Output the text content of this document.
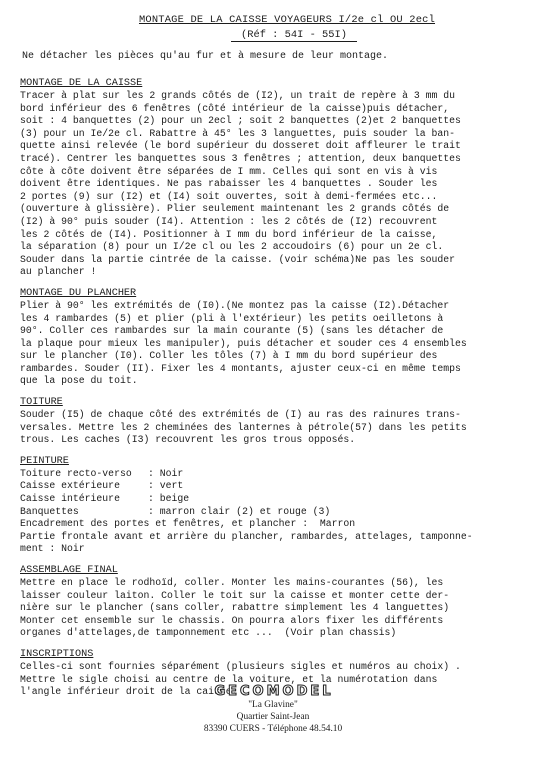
MONTAGE DE LA CAISSE VOYAGEURS I/2e cl OU 2ecl
(Réf : 54I - 55I)
Ne détacher les pièces qu'au fur et à mesure de leur montage.
MONTAGE DE LA CAISSE
Tracer à plat sur les 2 grands côtés de (I2), un trait de repère à 3 mm du
bord inférieur des 6 fenêtres (côté intérieur de la caisse)puis détacher,
soit : 4 banquettes (2) pour un 2ecl ; soit 2 banquettes (2)et 2 banquettes
(3) pour un Ie/2e cl. Rabattre à 45° les 3 languettes, puis souder la ban-
quette ainsi relevée (le bord supérieur du dosseret doit affleurer le trait
tracé). Centrer les banquettes sous 3 fenêtres ; attention, deux banquettes
côte à côte doivent être séparées de I mm. Celles qui sont en vis à vis
doivent être identiques. Ne pas rabaisser les 4 banquettes . Souder les
2 portes (9) sur (I2) et (I4) soit ouvertes, soit à demi-fermées etc...
(ouverture à glissière). Plier seulement maintenant les 2 grands côtés de
(I2) à 90° puis souder (I4). Attention : les 2 côtés de (I2) recouvrent
les 2 côtés de (I4). Positionner à I mm du bord inférieur de la caisse,
la séparation (8) pour un I/2e cl ou les 2 accoudoirs (6) pour un 2e cl.
Souder dans la partie cintrée de la caisse. (voir schéma)Ne pas les souder
au plancher !
MONTAGE DU PLANCHER
Plier à 90° les extrémités de (I0).(Ne montez pas la caisse (I2).Détacher
les 4 rambardes (5) et plier (pli à l'extérieur) les petits oeilletons à
90°. Coller ces rambardes sur la main courante (5) (sans les détacher de
la plaque pour mieux les manipuler), puis détacher et souder ces 4 ensembles
sur le plancher (I0). Coller les tôles (7) à I mm du bord supérieur des
rambardes. Souder (II). Fixer les 4 montants, ajuster ceux-ci en même temps
que la pose du toit.
TOITURE
Souder (I5) de chaque côté des extrémités de (I) au ras des rainures trans-
versales. Mettre les 2 cheminées des lanternes à pétrole(57) dans les petits
trous. Les caches (I3) recouvrent les gros trous opposés.
PEINTURE
Toiture recto-verso	: Noir
Caisse extérieure	: vert
Caisse intérieure	: beige
Banquettes	: marron clair (2) et rouge (3)
Encadrement des portes et fenêtres, et plancher :  Marron
Partie frontale avant et arrière du plancher, rambardes, attelages, tamponne-
ment : Noir
ASSEMBLAGE FINAL
Mettre en place le rodhoïd, coller. Monter les mains-courantes (56), les
laisser couleur laiton. Coller le toit sur la caisse et monter cette der-
nière sur le plancher (sans coller, rabattre simplement les 4 languettes)
Monter cet ensemble sur le chassis. On pourra alors fixer les différents
organes d'attelages,de tamponnement etc ...  (Voir plan chassis)
INSCRIPTIONS
Celles-ci sont fournies séparément (plusieurs sigles et numéros au choix) .
Mettre le sigle choisi au centre de la voiture, et la numérotation dans
l'angle inférieur droit de la caisse.
GECOMODEL
"La Glavine"
Quartier Saint-Jean
83390 CUERS - Téléphone 48.54.10
